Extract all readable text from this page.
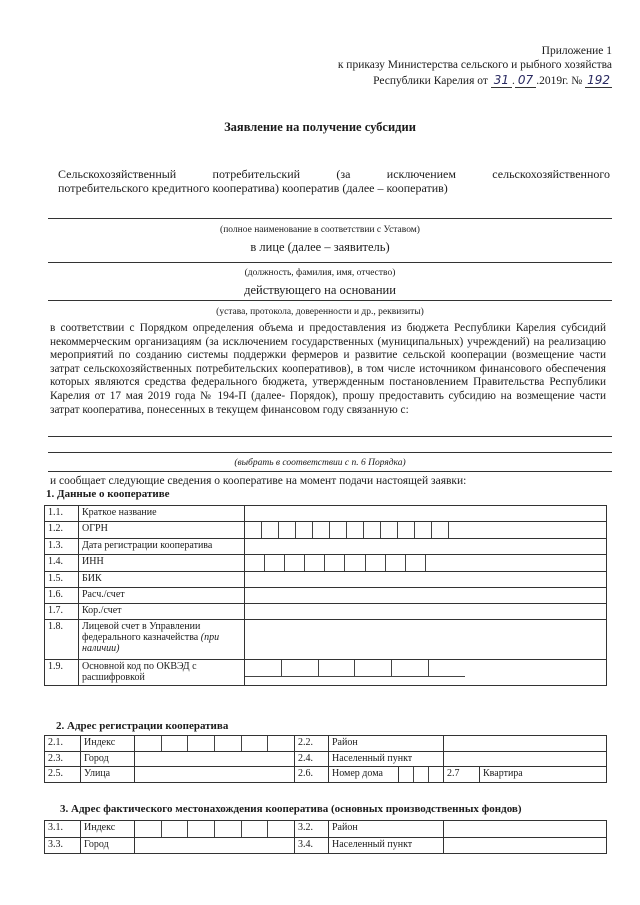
Приложение 1
к приказу Министерства сельского и рыбного хозяйства
Республики Карелия от 31 . 07 .2019г. № 192
Заявление на получение субсидии
Сельскохозяйственный потребительский (за исключением сельскохозяйственного
потребительского кредитного кооператива) кооператив (далее – кооператив)
(полное наименование в соответствии с Уставом)
в лице (далее – заявитель)
(должность, фамилия, имя, отчество)
действующего на основании
(устава, протокола, доверенности и др., реквизиты)
в соответствии с Порядком определения объема и предоставления из бюджета Республики Карелия субсидий некоммерческим организациям (за исключением государственных (муниципальных) учреждений) на реализацию мероприятий по созданию системы поддержки фермеров и развитие сельской кооперации (возмещение части затрат сельскохозяйственных потребительских кооперативов), в том числе источником финансового обеспечения которых являются средства федерального бюджета, утвержденным постановлением Правительства Республики Карелия от 17 мая 2019 года № 194-П (далее- Порядок), прошу предоставить субсидию на возмещение части затрат кооператива, понесенных в текущем финансовом году связанную с:
(выбрать в соответствии с п. 6 Порядка)
и сообщает следующие сведения о кооперативе на момент подачи настоящей заявки:
1. Данные о кооперативе
1.1.	Краткое название	
1.2.	ОГРН	

1.3.	Дата регистрации кооператива	
1.4.	ИНН	

1.5.	БИК	
1.6.	Расч./счет	
1.7.	Кор./счет	
1.8.	Лицевой счет в Управлении федерального казначейства (при наличии)	
1.9.	Основной код по ОКВЭД с расшифровкой	
2. Адрес регистрации кооператива
2.1.	Индекс		2.2.	Район			
2.3.	Город		2.4.	Населенный пункт			
2.5.	Улица		2.6.	Номер дома		2.7	Квартира
3. Адрес фактического местонахождения кооператива (основных производственных фондов)
3.1.	Индекс		3.2.	Район	
3.3.	Город		3.4.	Населенный пункт	
